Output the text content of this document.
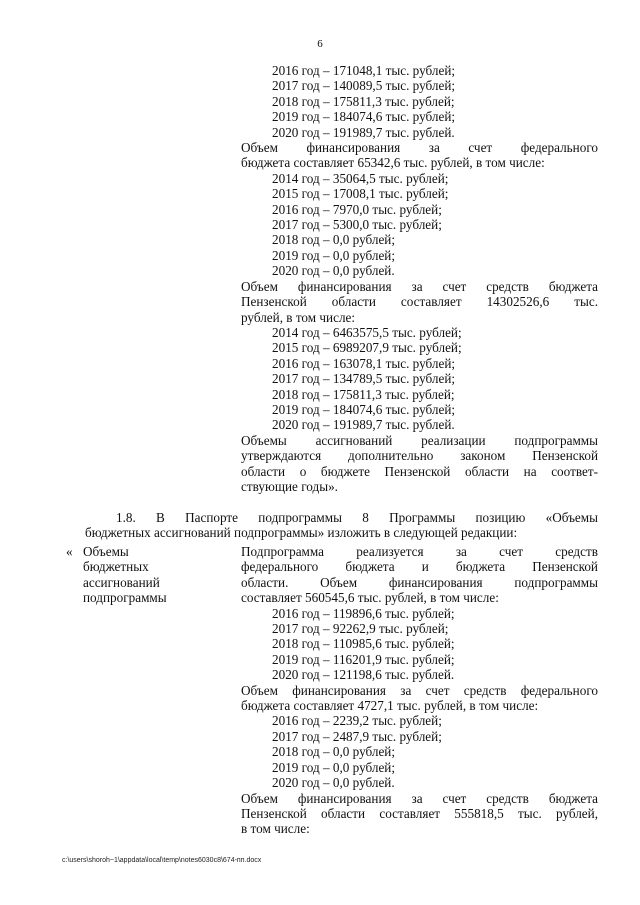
6
2016 год – 171048,1 тыс. рублей;
2017 год – 140089,5 тыс. рублей;
2018 год – 175811,3 тыс. рублей;
2019 год – 184074,6 тыс. рублей;
2020 год – 191989,7 тыс. рублей.
Объем финансирования за счет федерального
бюджета составляет 65342,6 тыс. рублей, в том числе:
2014 год – 35064,5 тыс. рублей;
2015 год – 17008,1 тыс. рублей;
2016 год – 7970,0 тыс. рублей;
2017 год – 5300,0 тыс. рублей;
2018 год – 0,0 рублей;
2019 год – 0,0 рублей;
2020 год – 0,0 рублей.
Объем финансирования за счет средств бюджета
Пензенской области составляет 14302526,6 тыс.
рублей, в том числе:
2014 год – 6463575,5 тыс. рублей;
2015 год – 6989207,9 тыс. рублей;
2016 год – 163078,1 тыс. рублей;
2017 год – 134789,5 тыс. рублей;
2018 год – 175811,3 тыс. рублей;
2019 год – 184074,6 тыс. рублей;
2020 год – 191989,7 тыс. рублей.
Объемы ассигнований реализации подпрограммы
утверждаются дополнительно законом Пензенской
области о бюджете Пензенской области на соответ-
ствующие годы».
1.8. В Паспорте подпрограммы 8 Программы позицию «Объемы
бюджетных ассигнований подпрограммы» изложить в следующей редакции:
« Объемы
бюджетных
ассигнований
подпрограммы
Подпрограмма реализуется за счет средств
федерального бюджета и бюджета Пензенской
области. Объем финансирования подпрограммы
составляет 560545,6 тыс. рублей, в том числе:
2016 год – 119896,6 тыс. рублей;
2017 год – 92262,9 тыс. рублей;
2018 год – 110985,6 тыс. рублей;
2019 год – 116201,9 тыс. рублей;
2020 год – 121198,6 тыс. рублей.
Объем финансирования за счет средств федерального
бюджета составляет 4727,1 тыс. рублей, в том числе:
2016 год – 2239,2 тыс. рублей;
2017 год – 2487,9 тыс. рублей;
2018 год – 0,0 рублей;
2019 год – 0,0 рублей;
2020 год – 0,0 рублей.
Объем финансирования за счет средств бюджета
Пензенской области составляет 555818,5 тыс. рублей,
в том числе:
c:\users\shoroh~1\appdata\local\temp\notes6030c8\674-пп.docx
